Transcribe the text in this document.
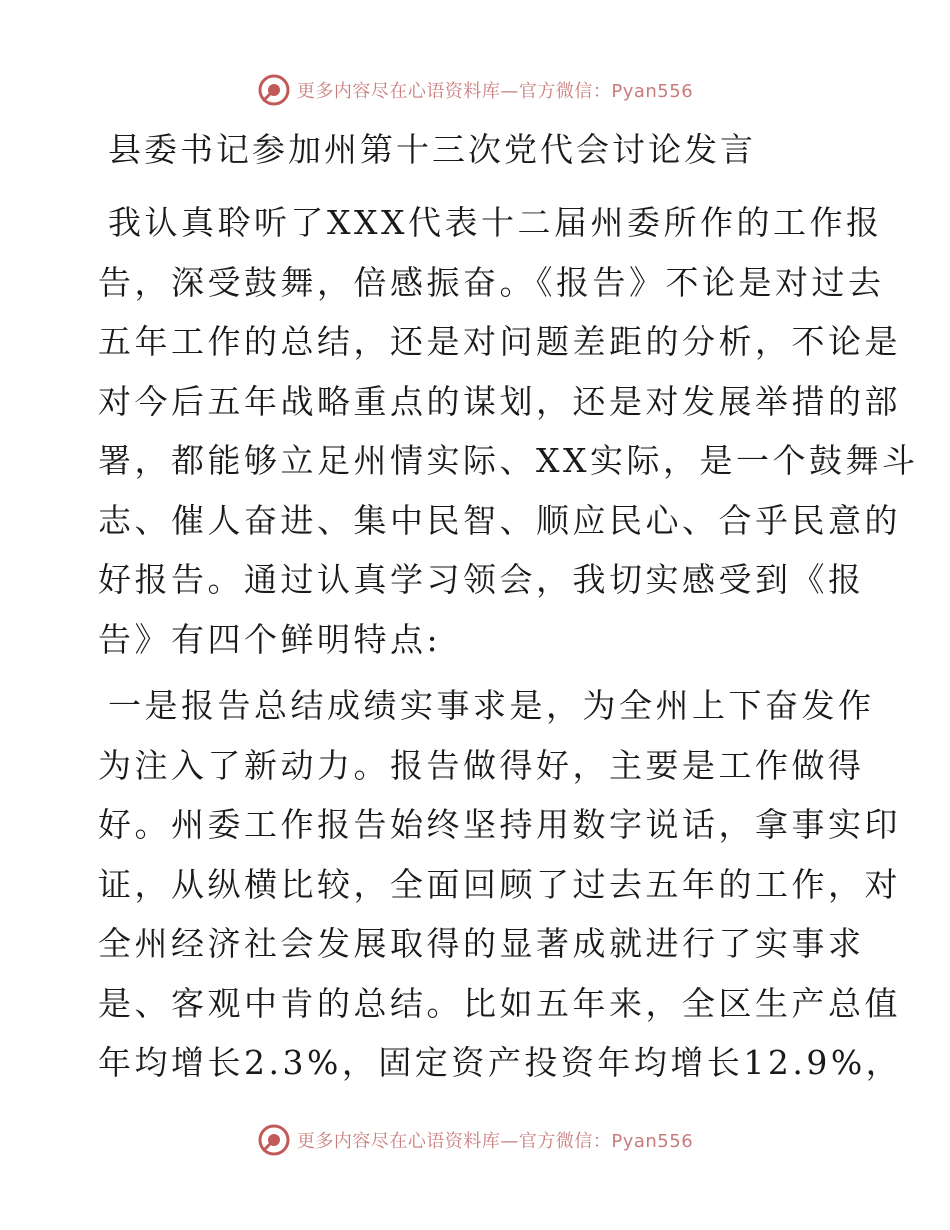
更多内容尽在心语资料库—官方微信：Pyan556
县委书记参加州第十三次党代会讨论发言
我认真聆听了XXX代表十二届州委所作的工作报
告，深受鼓舞，倍感振奋。《报告》不论是对过去
五年工作的总结，还是对问题差距的分析，不论是
对今后五年战略重点的谋划，还是对发展举措的部
署，都能够立足州情实际、XX实际，是一个鼓舞斗
志、催人奋进、集中民智、顺应民心、合乎民意的
好报告。通过认真学习领会，我切实感受到《报
告》有四个鲜明特点:
一是报告总结成绩实事求是，为全州上下奋发作
为注入了新动力。报告做得好，主要是工作做得
好。州委工作报告始终坚持用数字说话，拿事实印
证，从纵横比较，全面回顾了过去五年的工作，对
全州经济社会发展取得的显著成就进行了实事求
是、客观中肯的总结。比如五年来，全区生产总值
年均增长2.3%，固定资产投资年均增长12.9%，
更多内容尽在心语资料库—官方微信：Pyan556
